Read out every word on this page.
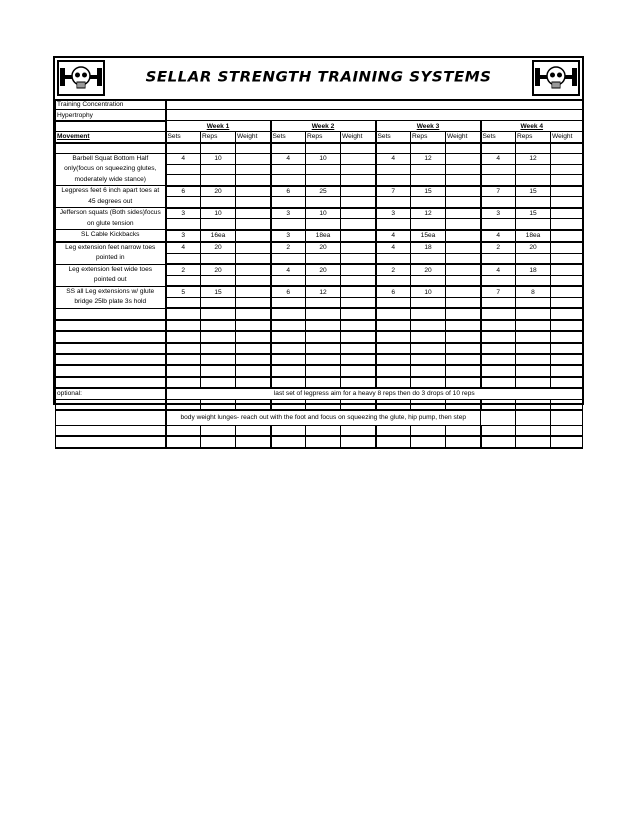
SELLAR STRENGTH TRAINING SYSTEMS
Training Concentration												
Hypertrophy												
	Week 1			Week 2			Week 3			Week 4		
Movement	Sets	Reps	Weight	Sets	Reps	Weight	Sets	Reps	Weight	Sets	Reps	Weight

Barbell Squat Bottom Half only(focus on squeezing glutes, moderately wide stance)	4	10		4	10		4	12		4	12	

Legpress feet 6 inch apart toes at 45 degrees out	6	20		6	25		7	15		7	15	

Jefferson squats (Both sides)focus on glute tension	3	10		3	10		3	12		3	15	

SL Cable Kickbacks	3	16ea		3	18ea		4	15ea		4	18ea	

Leg extension feet narrow toes pointed in	4	20		2	20		4	18		2	20	

Leg extension feet wide toes pointed out	2	20		4	20		2	20		4	18	

SS all Leg extensions w/ glute bridge 25lb plate 3s hold	5	15		6	12		6	10		7	8	

optional:	last set of legpress aim for a heavy 8 reps then do 3 drops of 10 reps											

	body weight lunges- reach out with the foot and focus on squeezing the glute, hip pump, then step											
